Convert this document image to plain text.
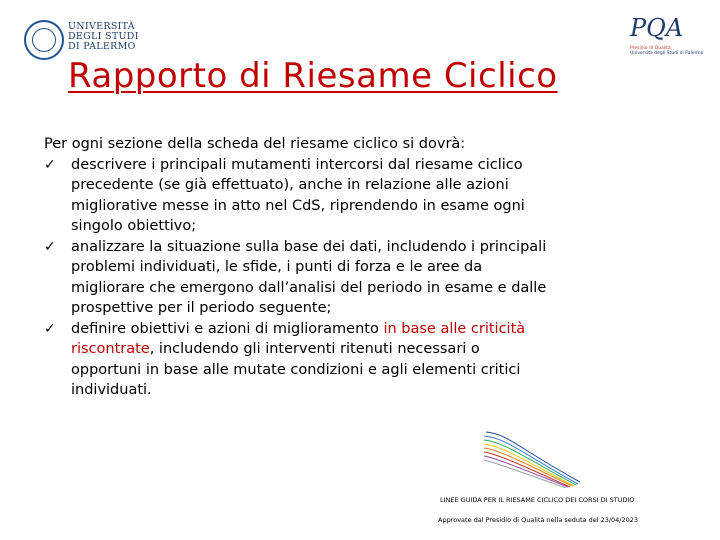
UNIVERSITÀ
DEGLI STUDI
DI PALERMO
PQA
Presidio di Qualità
Università degli Studi di Palermo
Rapporto di Riesame Ciclico
Per ogni sezione della scheda del riesame ciclico si dovrà:
✓ descrivere i principali mutamenti intercorsi dal riesame ciclico
precedente (se già effettuato), anche in relazione alle azioni
migliorative messe in atto nel CdS, riprendendo in esame ogni
singolo obiettivo;
✓ analizzare la situazione sulla base dei dati, includendo i principali
problemi individuati, le sfide, i punti di forza e le aree da
migliorare che emergono dall’analisi del periodo in esame e dalle
prospettive per il periodo seguente;
✓ definire obiettivi e azioni di miglioramento in base alle criticità
riscontrate, includendo gli interventi ritenuti necessari o
opportuni in base alle mutate condizioni e agli elementi critici
individuati.
LINEE GUIDA PER IL RIESAME CICLICO DEI CORSI DI STUDIO
Approvate dal Presidio di Qualità nella seduta del 23/04/2023
